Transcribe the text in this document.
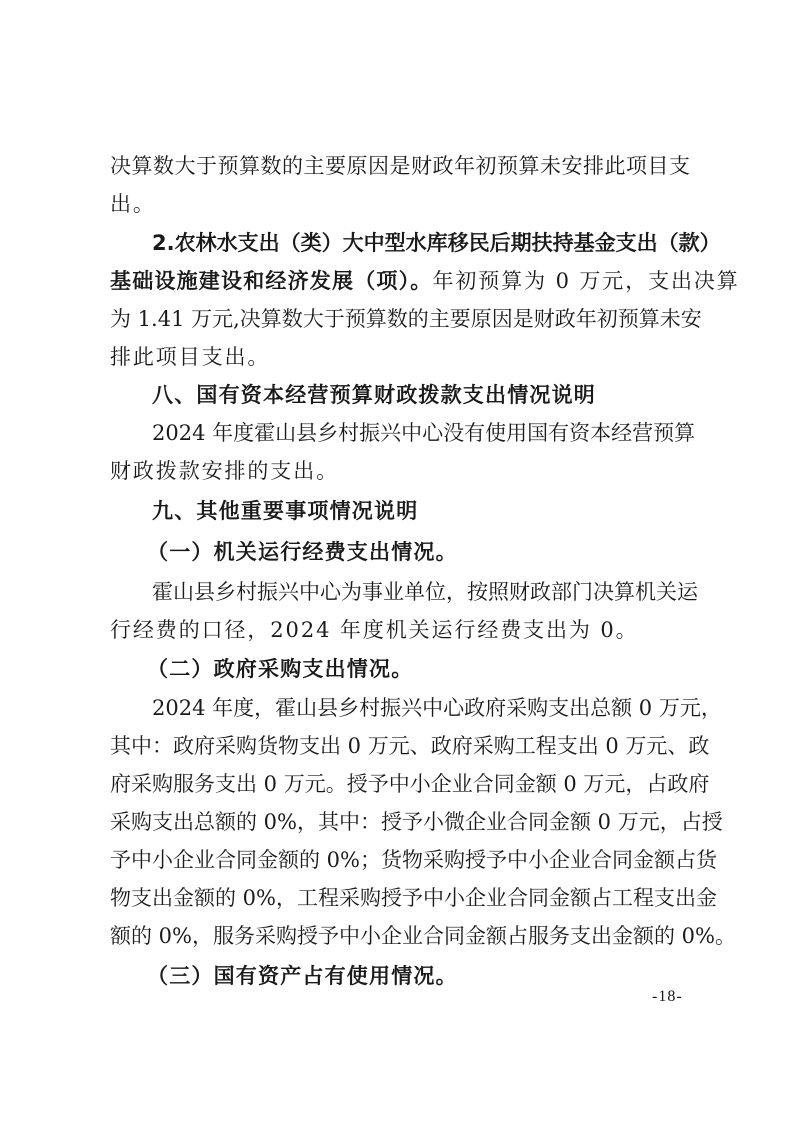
决算数大于预算数的主要原因是财政年初预算未安排此项目支
出。
2.农林水支出（类）大中型水库移民后期扶持基金支出（款）
基础设施建设和经济发展（项）。年初预算为 0 万元，支出决算
为 1.41 万元,决算数大于预算数的主要原因是财政年初预算未安
排此项目支出。
八、国有资本经营预算财政拨款支出情况说明
2024 年度霍山县乡村振兴中心没有使用国有资本经营预算
财政拨款安排的支出。
九、其他重要事项情况说明
（一）机关运行经费支出情况。
霍山县乡村振兴中心为事业单位，按照财政部门决算机关运
行经费的口径，2024 年度机关运行经费支出为 0。
（二）政府采购支出情况。
2024 年度，霍山县乡村振兴中心政府采购支出总额 0 万元，
其中：政府采购货物支出 0 万元、政府采购工程支出 0 万元、政
府采购服务支出 0 万元。授予中小企业合同金额 0 万元，占政府
采购支出总额的 0%，其中：授予小微企业合同金额 0 万元，占授
予中小企业合同金额的 0%；货物采购授予中小企业合同金额占货
物支出金额的 0%，工程采购授予中小企业合同金额占工程支出金
额的 0%，服务采购授予中小企业合同金额占服务支出金额的 0%。
（三）国有资产占有使用情况。
-18-
